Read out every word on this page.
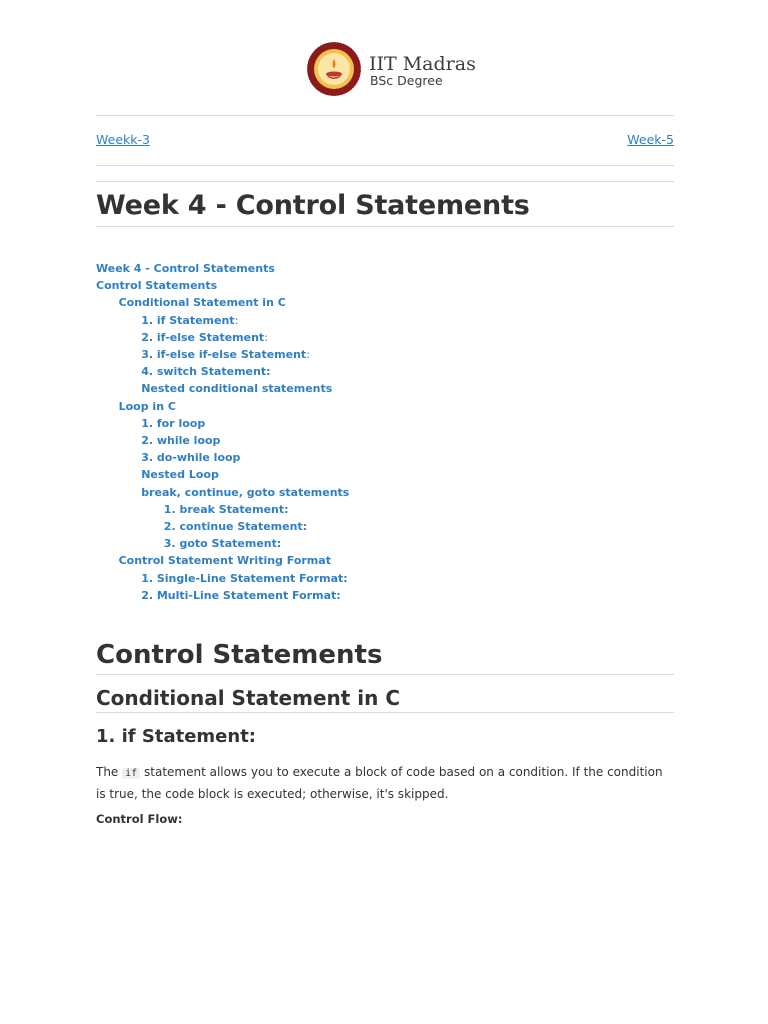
IIT Madras
BSc Degree
Weekk-3	Week-5
Week 4 - Control Statements
Week 4 - Control Statements
Control Statements
Conditional Statement in C
1. if Statement:
2. if-else Statement:
3. if-else if-else Statement:
4. switch Statement:
Nested conditional statements
Loop in C
1. for loop
2. while loop
3. do-while loop
Nested Loop
break, continue, goto statements
1. break Statement:
2. continue Statement:
3. goto Statement:
Control Statement Writing Format
1. Single-Line Statement Format:
2. Multi-Line Statement Format:
Control Statements
Conditional Statement in C
1. if Statement:
The if statement allows you to execute a block of code based on a condition. If the condition is true, the code block is executed; otherwise, it's skipped.
Control Flow:
